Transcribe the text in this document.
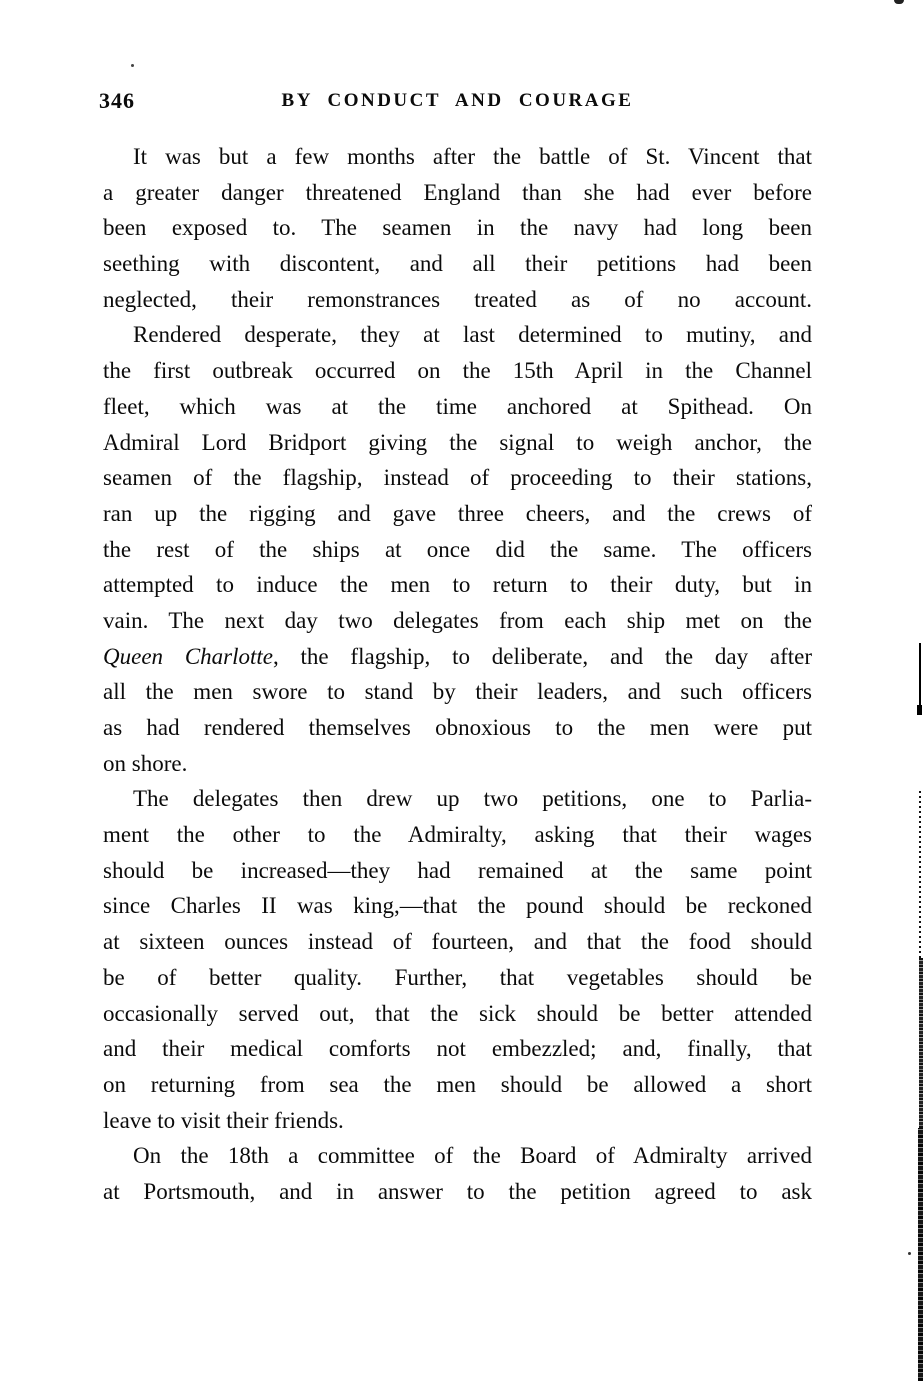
346	BY CONDUCT AND COURAGE
It was but a few months after the battle of St. Vincent that
a greater danger threatened England than she had ever before
been exposed to. The seamen in the navy had long been
seething with discontent, and all their petitions had been
neglected, their remonstrances treated as of no account.
Rendered desperate, they at last determined to mutiny, and
the first outbreak occurred on the 15th April in the Channel
fleet, which was at the time anchored at Spithead. On
Admiral Lord Bridport giving the signal to weigh anchor, the
seamen of the flagship, instead of proceeding to their stations,
ran up the rigging and gave three cheers, and the crews of
the rest of the ships at once did the same. The officers
attempted to induce the men to return to their duty, but in
vain. The next day two delegates from each ship met on the
Queen Charlotte, the flagship, to deliberate, and the day after
all the men swore to stand by their leaders, and such officers
as had rendered themselves obnoxious to the men were put
on shore.
The delegates then drew up two petitions, one to Parlia-
ment the other to the Admiralty, asking that their wages
should be increased—they had remained at the same point
since Charles II was king,—that the pound should be reckoned
at sixteen ounces instead of fourteen, and that the food should
be of better quality. Further, that vegetables should be
occasionally served out, that the sick should be better attended
and their medical comforts not embezzled; and, finally, that
on returning from sea the men should be allowed a short
leave to visit their friends.
On the 18th a committee of the Board of Admiralty arrived
at Portsmouth, and in answer to the petition agreed to ask
